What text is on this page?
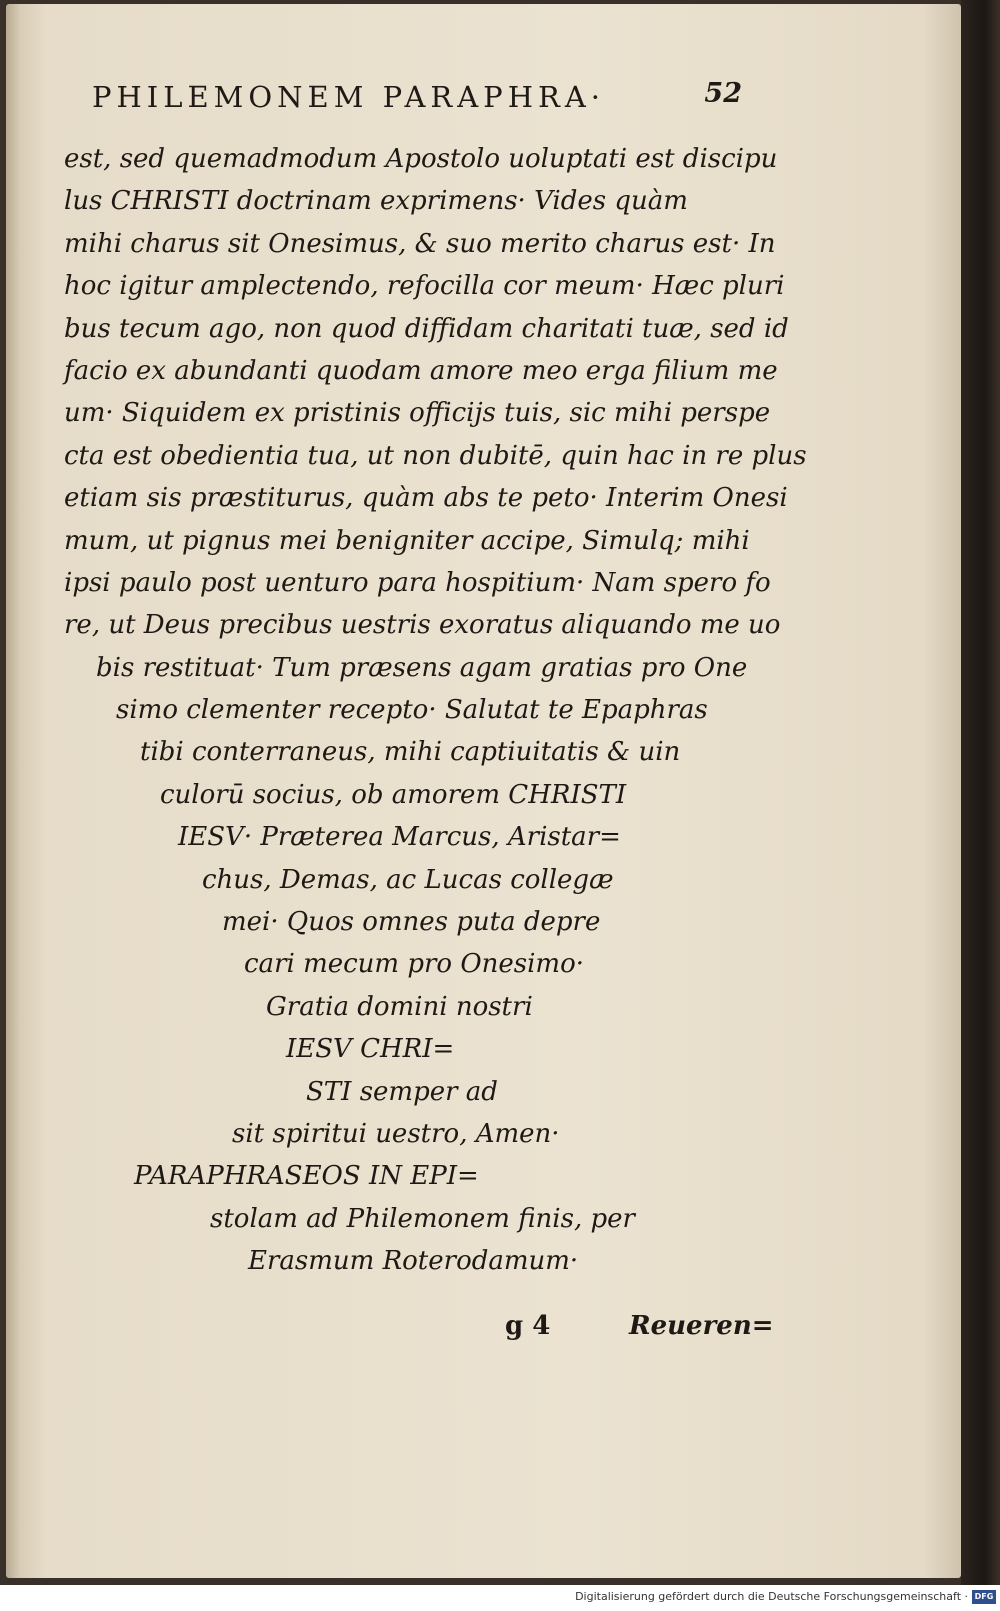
PHILEMONEM PARAPHRA·	52
est, sed quemadmodum Apostolo uoluptati est discipu
lus CHRISTI doctrinam exprimens· Vides quàm
mihi charus sit Onesimus, & suo merito charus est· In
hoc igitur amplectendo, refocilla cor meum· Hæc pluri
bus tecum ago, non quod diffidam charitati tuæ, sed id
facio ex abundanti quodam amore meo erga filium me
um· Siquidem ex pristinis officijs tuis, sic mihi perspe
cta est obedientia tua, ut non dubitē, quin hac in re plus
etiam sis præstiturus, quàm abs te peto· Interim Onesi
mum, ut pignus mei benigniter accipe, Simulq; mihi
ipsi paulo post uenturo para hospitium· Nam spero fo
re, ut Deus precibus uestris exoratus aliquando me uo
bis restituat· Tum præsens agam gratias pro One
simo clementer recepto· Salutat te Epaphras
tibi conterraneus, mihi captiuitatis & uin
culorū socius, ob amorem CHRISTI
IESV· Præterea Marcus, Aristar=
chus, Demas, ac Lucas collegæ
mei· Quos omnes puta depre
cari mecum pro Onesimo·
Gratia domini nostri
IESV CHRI=
STI semper ad
sit spiritui uestro, Amen·
PARAPHRASEOS IN EPI=
stolam ad Philemonem finis, per
Erasmum Roterodamum·
g 4	Reueren=
Digitalisierung gefördert durch die Deutsche Forschungsgemeinschaft · DFG
